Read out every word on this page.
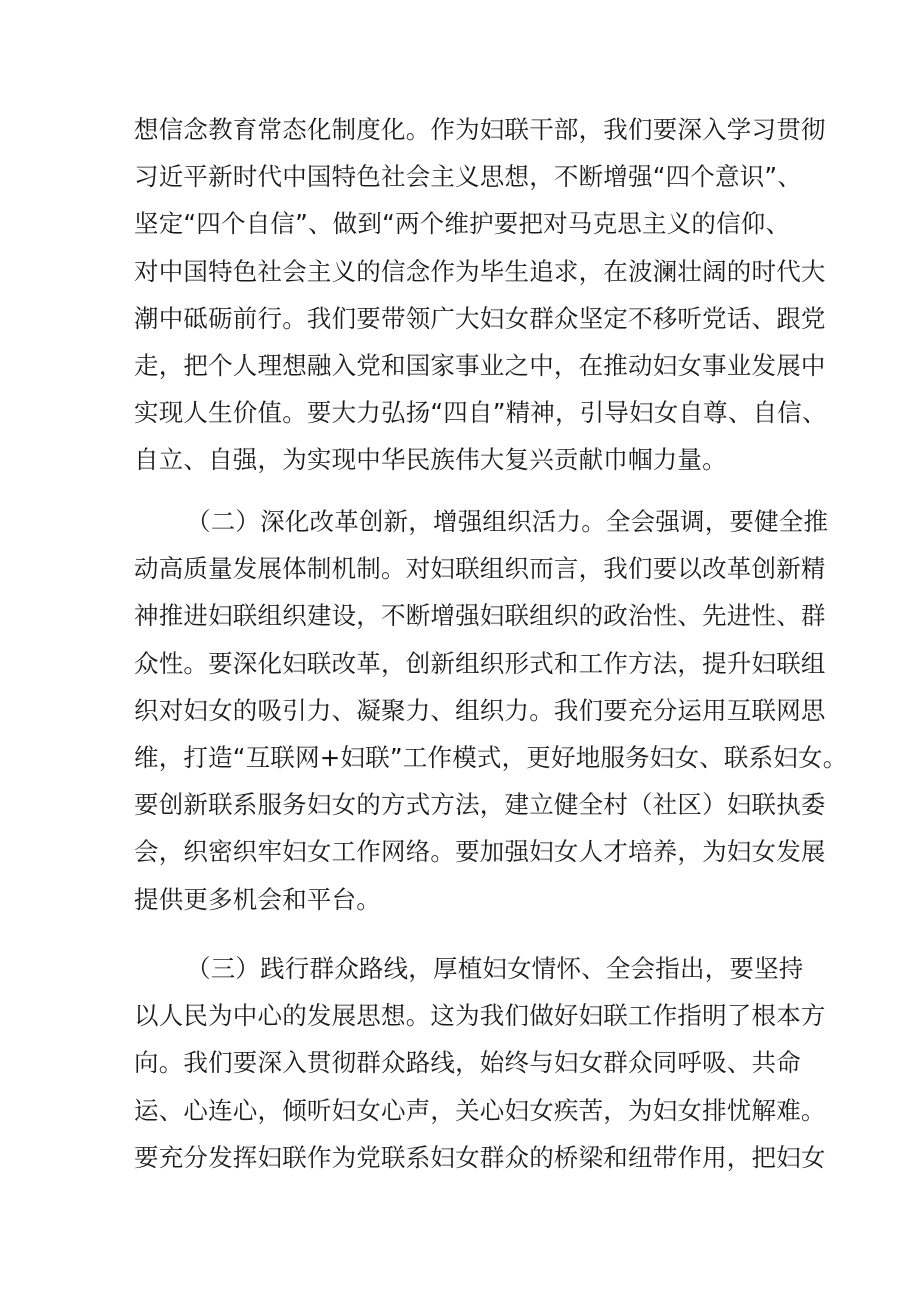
想信念教育常态化制度化。作为妇联干部，我们要深入学习贯彻
习近平新时代中国特色社会主义思想，不断增强“四个意识”、
坚定“四个自信”、做到“两个维护要把对马克思主义的信仰、
对中国特色社会主义的信念作为毕生追求，在波澜壮阔的时代大
潮中砥砺前行。我们要带领广大妇女群众坚定不移听党话、跟党
走，把个人理想融入党和国家事业之中，在推动妇女事业发展中
实现人生价值。要大力弘扬“四自”精神，引导妇女自尊、自信、
自立、自强，为实现中华民族伟大复兴贡献巾帼力量。
（二）深化改革创新，增强组织活力。全会强调，要健全推
动高质量发展体制机制。对妇联组织而言，我们要以改革创新精
神推进妇联组织建设，不断增强妇联组织的政治性、先进性、群
众性。要深化妇联改革，创新组织形式和工作方法，提升妇联组
织对妇女的吸引力、凝聚力、组织力。我们要充分运用互联网思
维，打造“互联网+妇联”工作模式，更好地服务妇女、联系妇女。
要创新联系服务妇女的方式方法，建立健全村（社区）妇联执委
会，织密织牢妇女工作网络。要加强妇女人才培养，为妇女发展
提供更多机会和平台。
（三）践行群众路线，厚植妇女情怀、全会指出，要坚持
以人民为中心的发展思想。这为我们做好妇联工作指明了根本方
向。我们要深入贯彻群众路线，始终与妇女群众同呼吸、共命
运、心连心，倾听妇女心声，关心妇女疾苦，为妇女排忧解难。
要充分发挥妇联作为党联系妇女群众的桥梁和纽带作用，把妇女
